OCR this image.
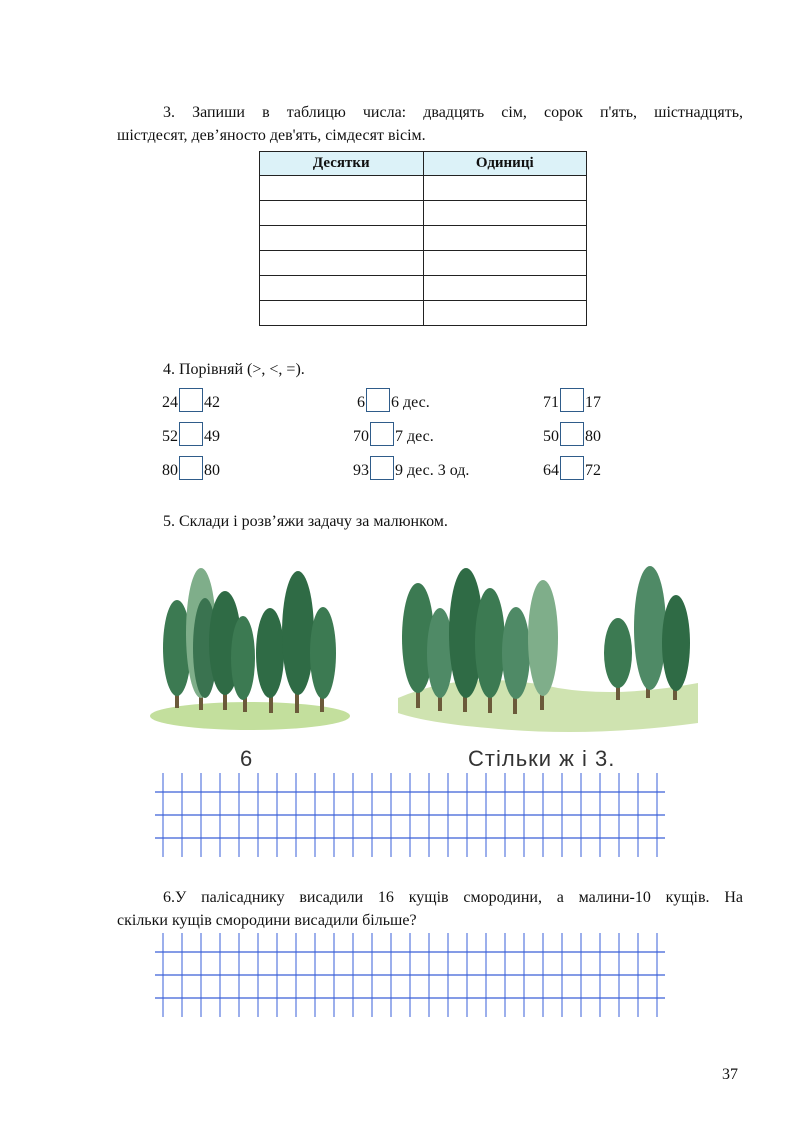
3. Запиши в таблицю числа: двадцять сім, сорок п'ять, шістнадцять,
шістдесят, дев’яносто дев'ять, сімдесят вісім.
Десятки	Одиниці

4. Порівняй (>, <, =).
24 42	6 6 дес.	71 17
52 49	70 7 дес.	50 80
80 80	93 9 дес. 3 од.	64 72
5. Склади і розв’яжи задачу за малюнком.
6	Стільки ж і 3.
6.У палісаднику висадили 16 кущів смородини, а малини-10 кущів. На
скільки кущів смородини висадили більше?
37
